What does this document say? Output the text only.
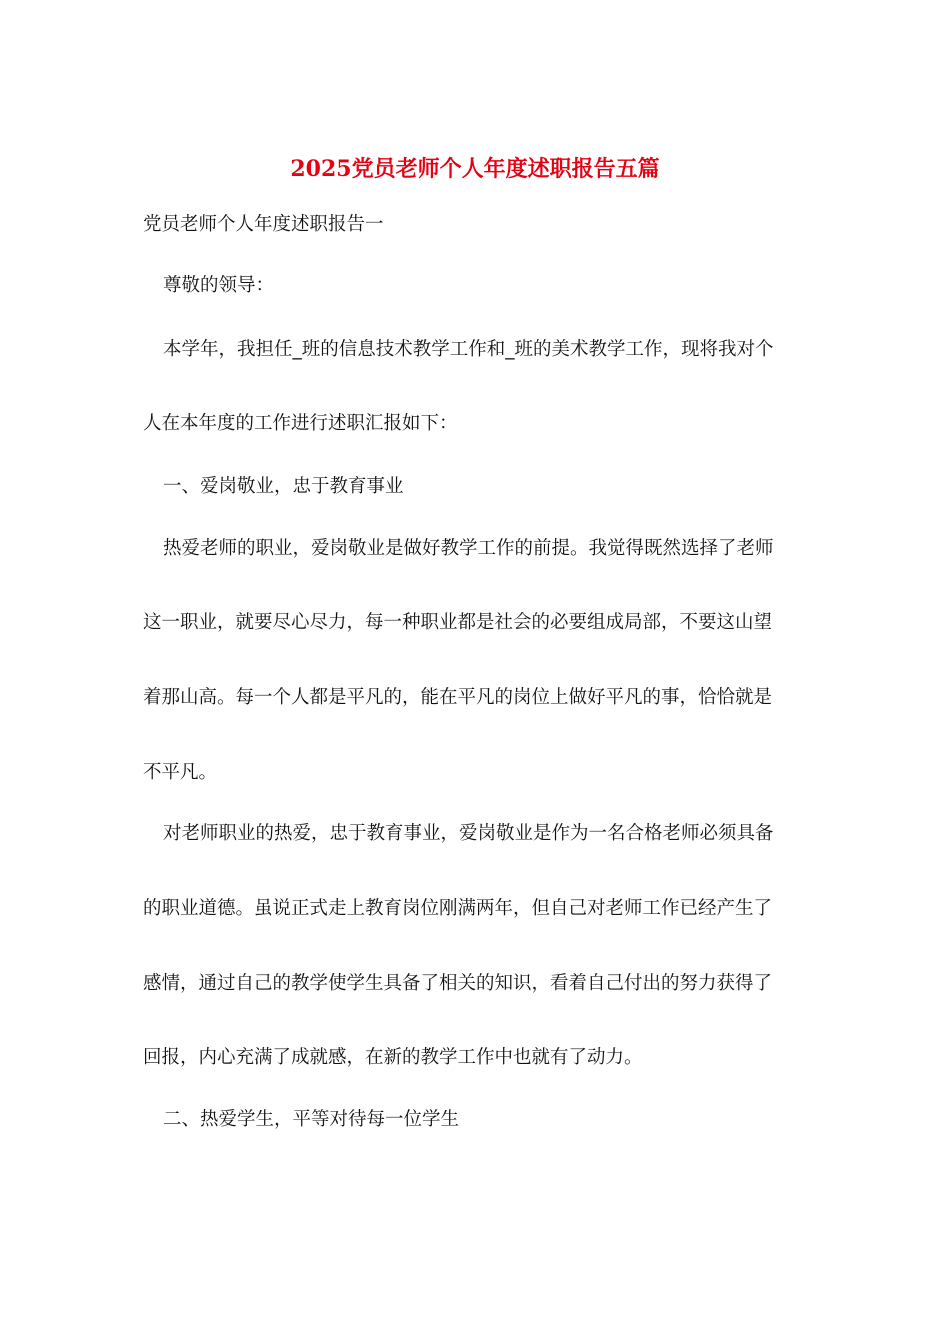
2025党员老师个人年度述职报告五篇
党员老师个人年度述职报告一
尊敬的领导：
本学年，我担任_班的信息技术教学工作和_班的美术教学工作，现将我对个
人在本年度的工作进行述职汇报如下：
一、爱岗敬业，忠于教育事业
热爱老师的职业，爱岗敬业是做好教学工作的前提。我觉得既然选择了老师
这一职业，就要尽心尽力，每一种职业都是社会的必要组成局部，不要这山望
着那山高。每一个人都是平凡的，能在平凡的岗位上做好平凡的事，恰恰就是
不平凡。
对老师职业的热爱，忠于教育事业，爱岗敬业是作为一名合格老师必须具备
的职业道德。虽说正式走上教育岗位刚满两年，但自己对老师工作已经产生了
感情，通过自己的教学使学生具备了相关的知识，看着自己付出的努力获得了
回报，内心充满了成就感，在新的教学工作中也就有了动力。
二、热爱学生，平等对待每一位学生
